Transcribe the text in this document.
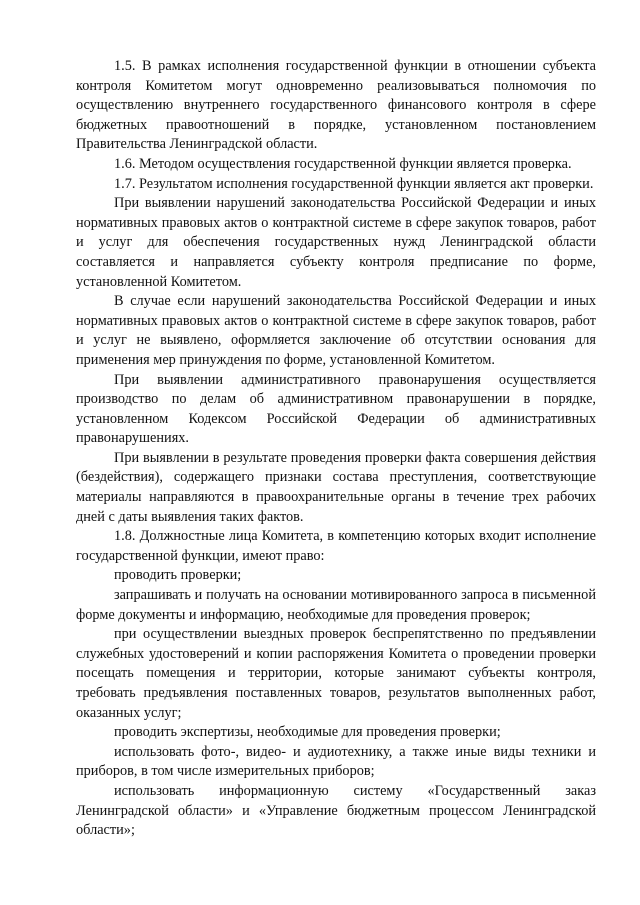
1.5. В рамках исполнения государственной функции в отношении субъекта контроля Комитетом могут одновременно реализовываться полномочия по осуществлению внутреннего государственного финансового контроля в сфере бюджетных правоотношений в порядке, установленном постановлением Правительства Ленинградской области.

1.6. Методом осуществления государственной функции является проверка.

1.7. Результатом исполнения государственной функции является акт проверки.

При выявлении нарушений законодательства Российской Федерации и иных нормативных правовых актов о контрактной системе в сфере закупок товаров, работ и услуг для обеспечения государственных нужд Ленинградской области составляется и направляется субъекту контроля предписание по форме, установленной Комитетом.

В случае если нарушений законодательства Российской Федерации и иных нормативных правовых актов о контрактной системе в сфере закупок товаров, работ и услуг не выявлено, оформляется заключение об отсутствии основания для применения мер принуждения по форме, установленной Комитетом.

При выявлении административного правонарушения осуществляется производство по делам об административном правонарушении в порядке, установленном Кодексом Российской Федерации об административных правонарушениях.

При выявлении в результате проведения проверки факта совершения действия (бездействия), содержащего признаки состава преступления, соответствующие материалы направляются в правоохранительные органы в течение трех рабочих дней с даты выявления таких фактов.

1.8. Должностные лица Комитета, в компетенцию которых входит исполнение государственной функции, имеют право:

проводить проверки;

запрашивать и получать на основании мотивированного запроса в письменной форме документы и информацию, необходимые для проведения проверок;

при осуществлении выездных проверок беспрепятственно по предъявлении служебных удостоверений и копии распоряжения Комитета о проведении проверки посещать помещения и территории, которые занимают субъекты контроля, требовать предъявления поставленных товаров, результатов выполненных работ, оказанных услуг;

проводить экспертизы, необходимые для проведения проверки;

использовать фото-, видео- и аудиотехнику, а также иные виды техники и приборов, в том числе измерительных приборов;

использовать информационную систему «Государственный заказ Ленинградской области» и «Управление бюджетным процессом Ленинградской области»;
